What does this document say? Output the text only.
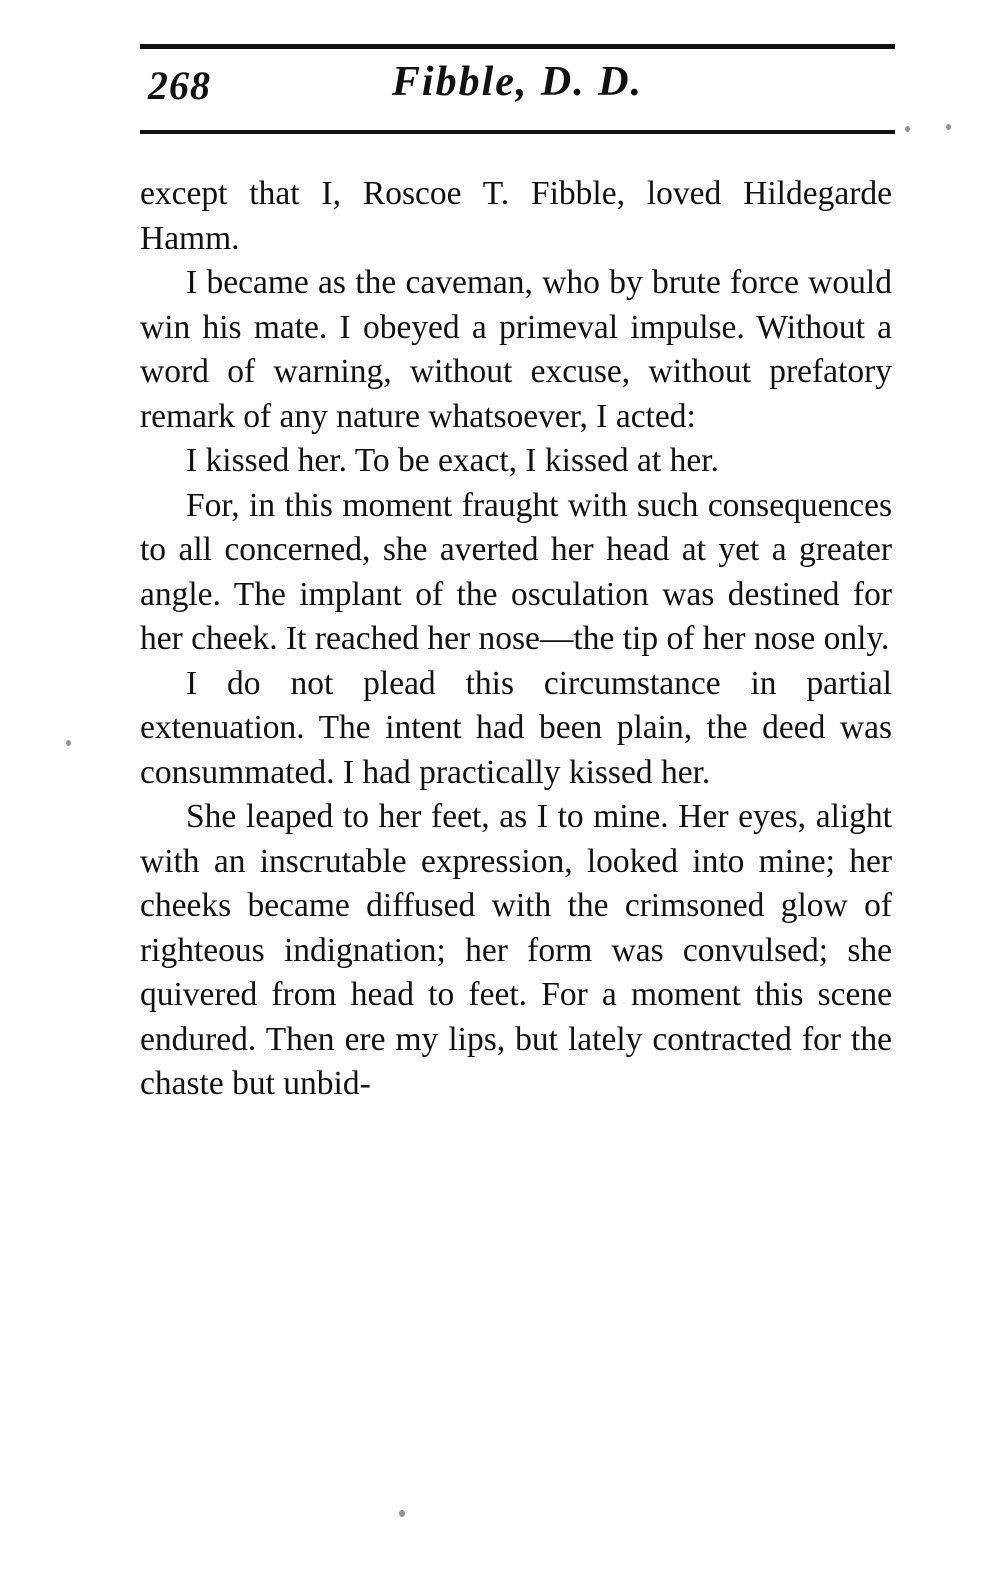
268	Fibble, D. D.

except that I, Roscoe T. Fibble, loved Hildegarde Hamm.

I became as the caveman, who by brute force would win his mate. I obeyed a primeval impulse. Without a word of warning, without excuse, without prefatory remark of any nature whatsoever, I acted:

I kissed her. To be exact, I kissed at her.

For, in this moment fraught with such consequences to all concerned, she averted her head at yet a greater angle. The implant of the osculation was destined for her cheek. It reached her nose—the tip of her nose only.

I do not plead this circumstance in partial extenuation. The intent had been plain, the deed was consummated. I had practically kissed her.

She leaped to her feet, as I to mine. Her eyes, alight with an inscrutable expression, looked into mine; her cheeks became diffused with the crimsoned glow of righteous indignation; her form was convulsed; she quivered from head to feet. For a moment this scene endured. Then ere my lips, but lately contracted for the chaste but unbid-
